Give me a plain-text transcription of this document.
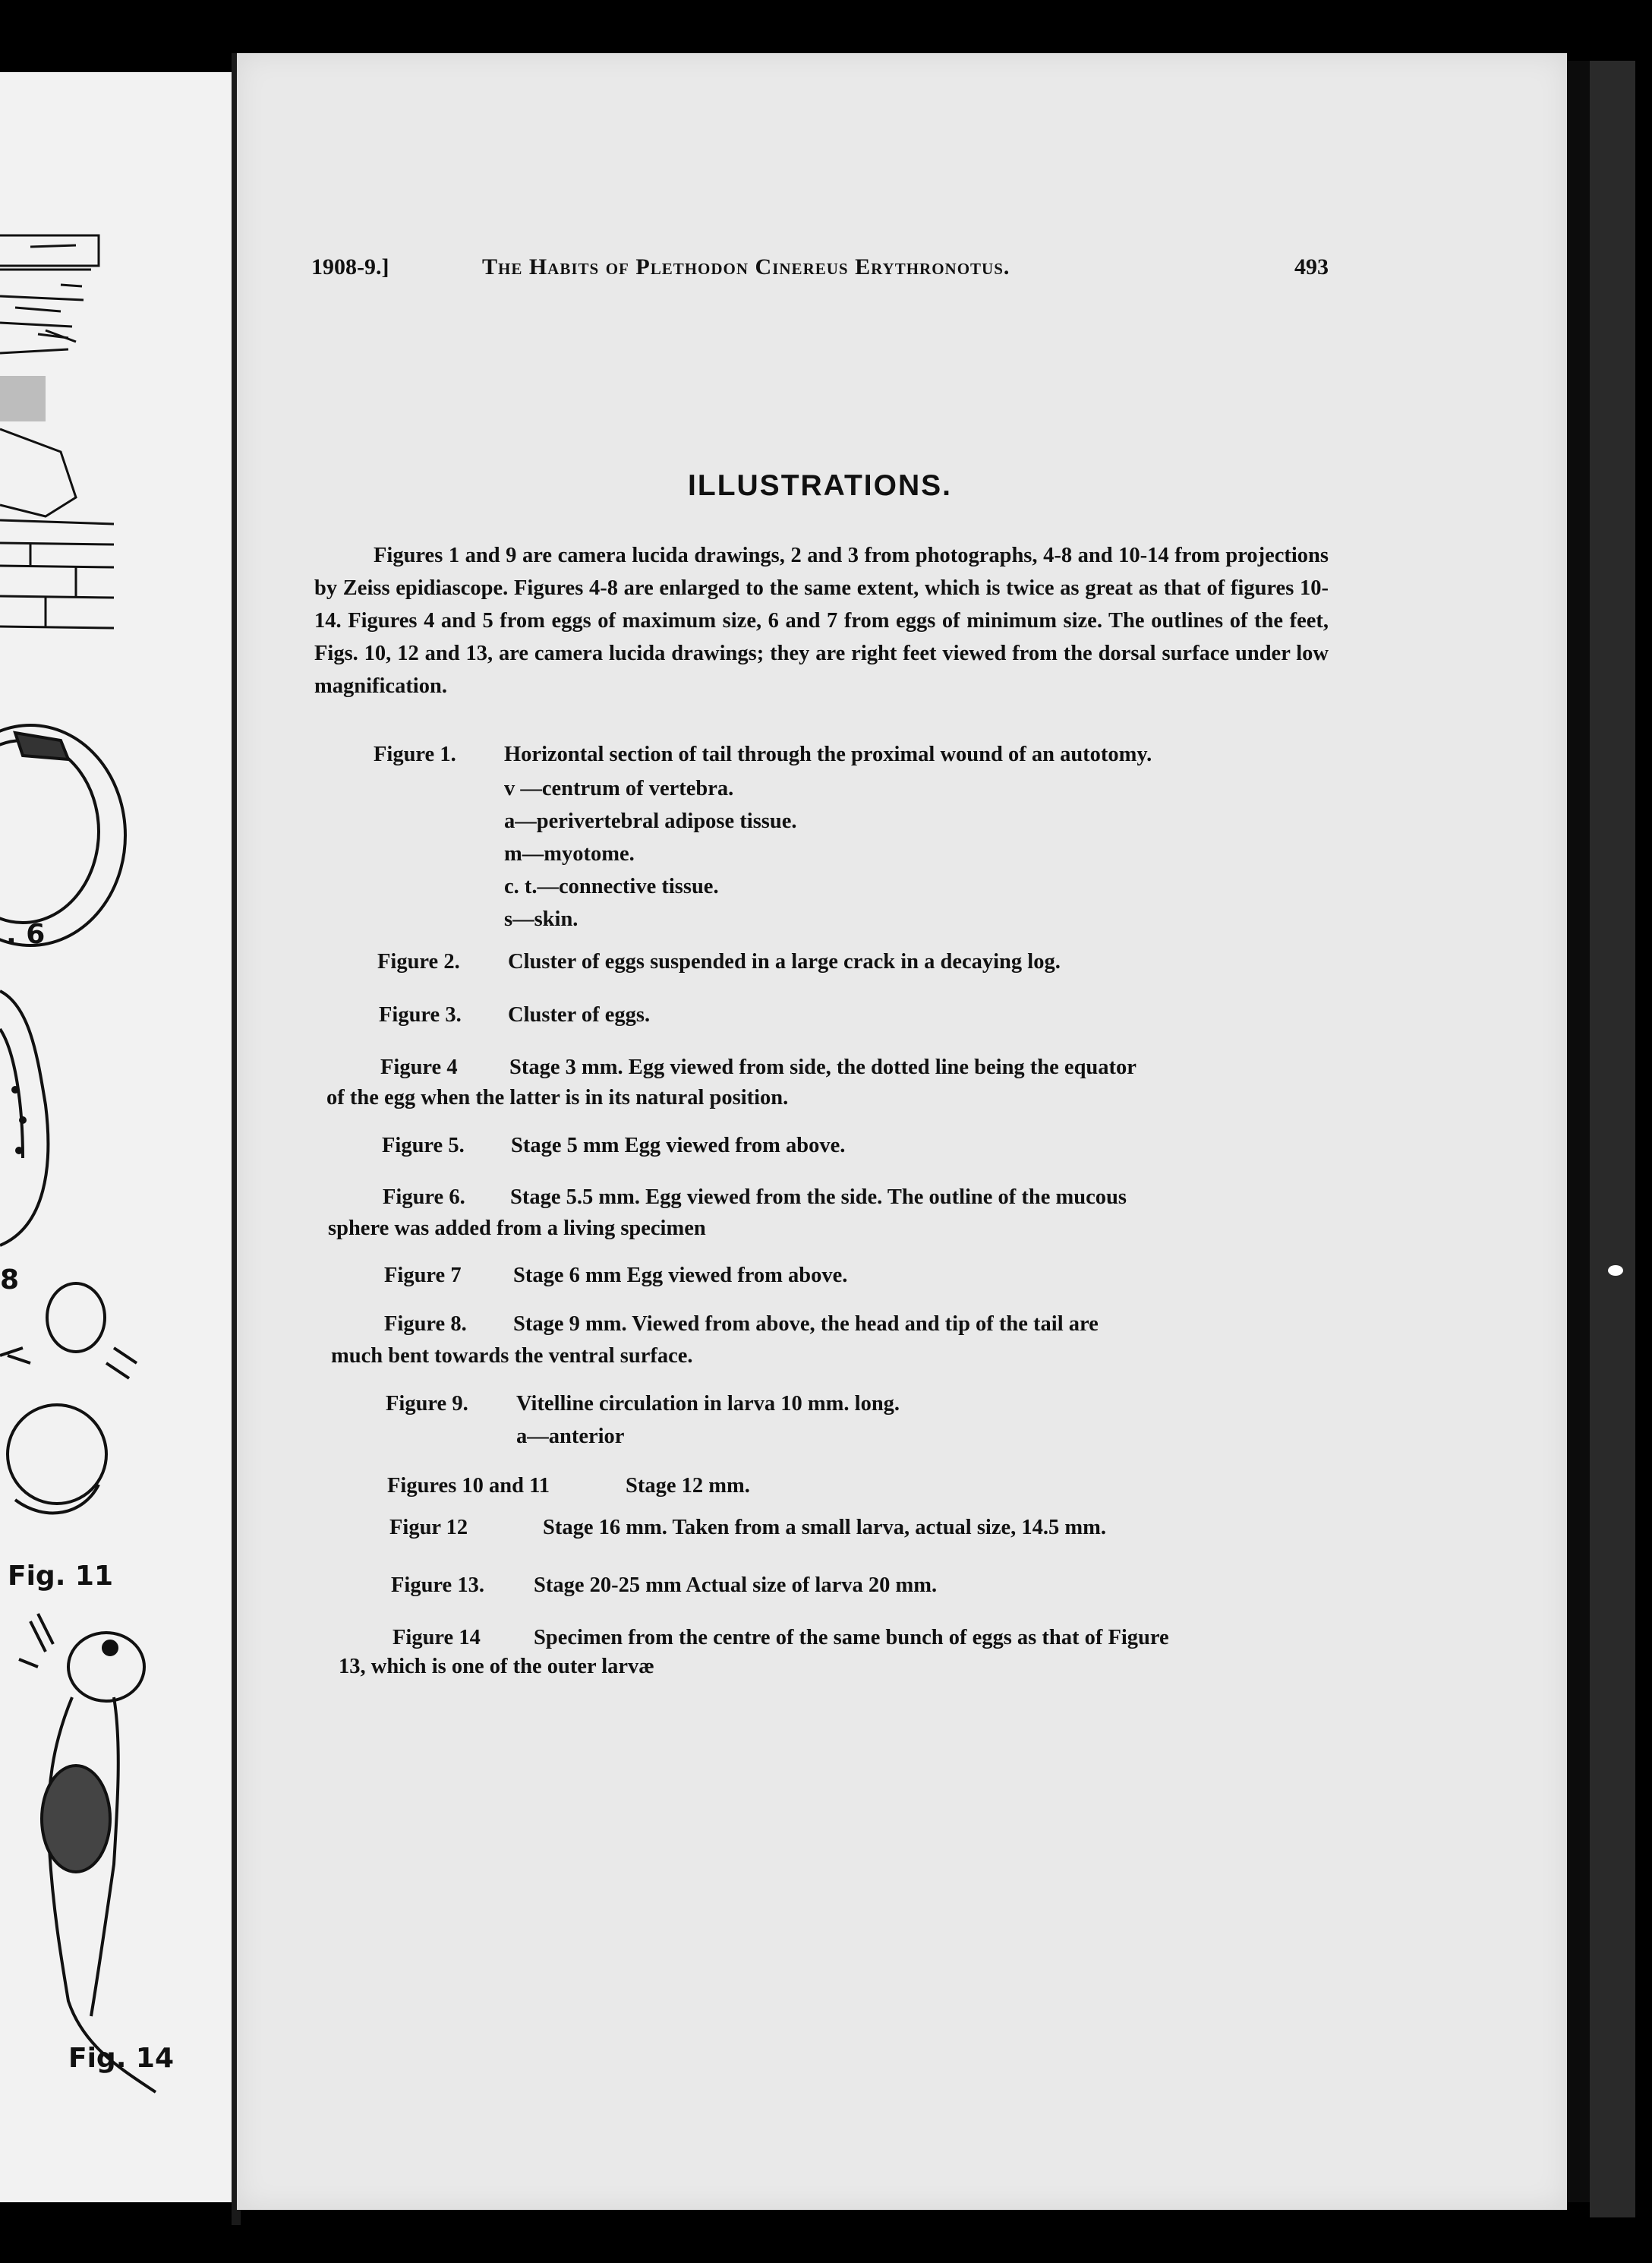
. 6
8
Fig. 11
Fig. 14
1908-9.]	The Habits of Plethodon Cinereus Erythronotus.	493
ILLUSTRATIONS.

Figures 1 and 9 are camera lucida drawings, 2 and 3 from photographs, 4-8 and 10-14 from projections by Zeiss epidiascope. Figures 4-8 are enlarged to the same extent, which is twice as great as that of figures 10-14. Figures 4 and 5 from eggs of maximum size, 6 and 7 from eggs of minimum size. The outlines of the feet, Figs. 10, 12 and 13, are camera lucida drawings; they are right feet viewed from the dorsal surface under low magnification.

Figure 1. Horizontal section of tail through the proximal wound of an autotomy.
v —centrum of vertebra.
a—perivertebral adipose tissue.
m—myotome.
c. t.—connective tissue.
s—skin.
Figure 2. Cluster of eggs suspended in a large crack in a decaying log.
Figure 3. Cluster of eggs.
Figure 4 Stage 3 mm. Egg viewed from side, the dotted line being the equator
of the egg when the latter is in its natural position.
Figure 5. Stage 5 mm Egg viewed from above.
Figure 6. Stage 5.5 mm. Egg viewed from the side. The outline of the mucous
sphere was added from a living specimen
Figure 7 Stage 6 mm Egg viewed from above.
Figure 8. Stage 9 mm. Viewed from above, the head and tip of the tail are
much bent towards the ventral surface.
Figure 9. Vitelline circulation in larva 10 mm. long.
a—anterior
Figures 10 and 11	Stage 12 mm.
Figur 12	Stage 16 mm. Taken from a small larva, actual size, 14.5 mm.
Figure 13. Stage 20-25 mm Actual size of larva 20 mm.
Figure 14 Specimen from the centre of the same bunch of eggs as that of Figure
13, which is one of the outer larvæ
